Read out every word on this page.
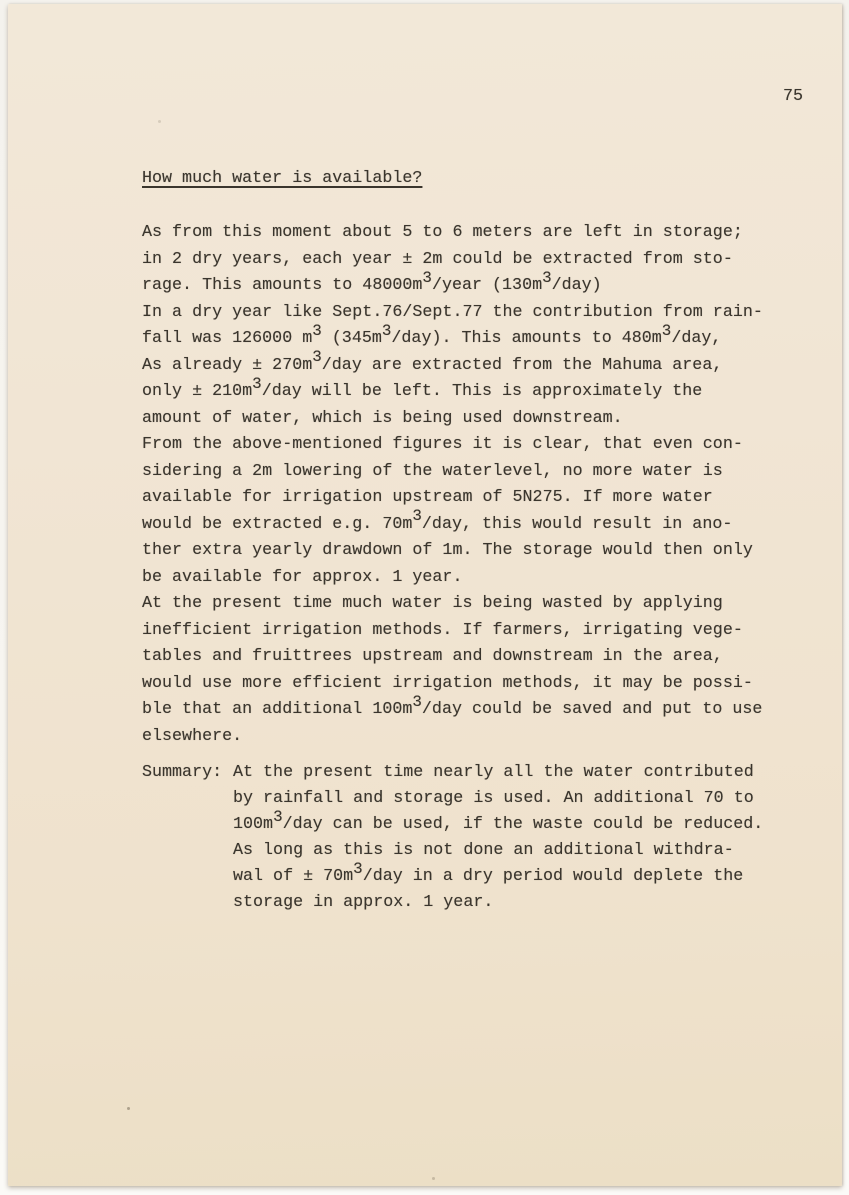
75
How much water is available?
As from this moment about 5 to 6 meters are left in storage;
in 2 dry years, each year ± 2m could be extracted from sto-
rage. This amounts to $48000m^3$/year $(130m^3/day)$
In a dry year like Sept.76/Sept.77 the contribution from rain-
fall was 126000 $m^3$ $(345m^3/day)$. This amounts to $480m^3$/day,
As already ± $270m^3$/day are extracted from the Mahuma area,
only ± $210m^3$/day will be left. This is approximately the
amount of water, which is being used downstream.
From the above-mentioned figures it is clear, that even con-
sidering a 2m lowering of the waterlevel, no more water is
available for irrigation upstream of 5N275. If more water
would be extracted e.g. $70m^3$/day, this would result in ano-
ther extra yearly drawdown of 1m. The storage would then only
be available for approx. 1 year.
At the present time much water is being wasted by applying
inefficient irrigation methods. If farmers, irrigating vege-
tables and fruittrees upstream and downstream in the area,
would use more efficient irrigation methods, it may be possi-
ble that an additional $100m^3$/day could be saved and put to use
elsewhere.
Summary: At the present time nearly all the water contributed
by rainfall and storage is used. An additional 70 to
$100m^3$/day can be used, if the waste could be reduced.
As long as this is not done an additional withdra-
wal of ± $70m^3$/day in a dry period would deplete the
storage in approx. 1 year.
